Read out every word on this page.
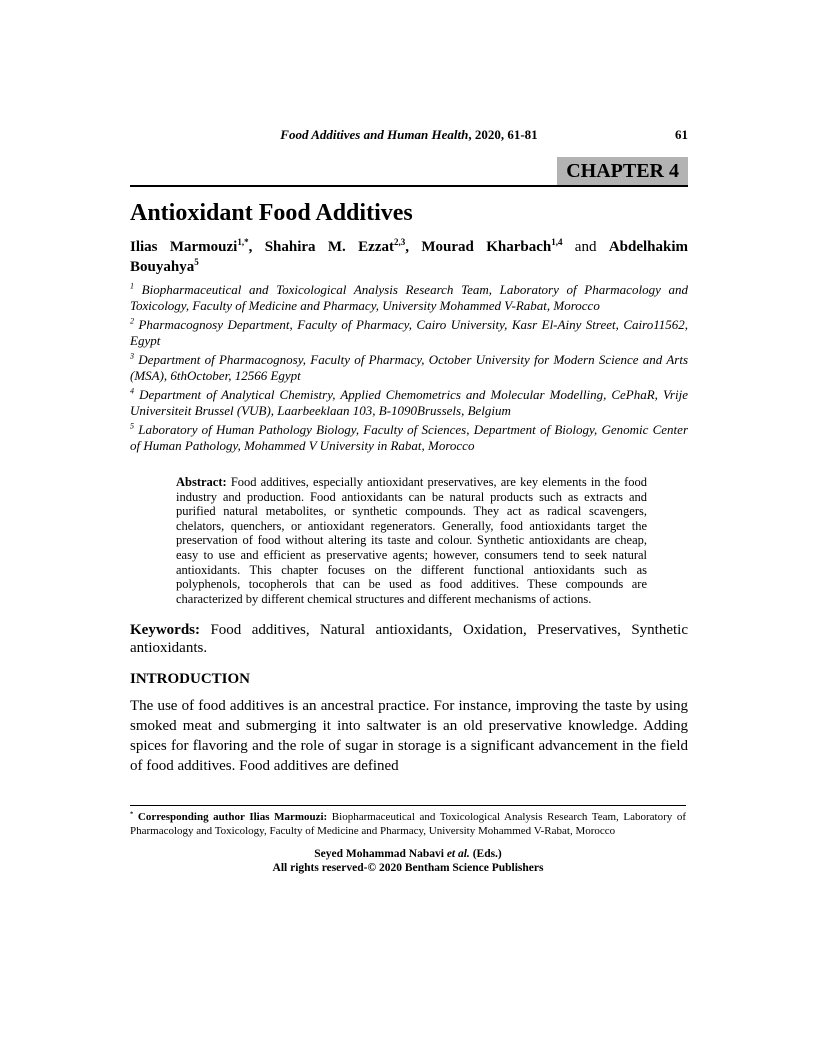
Food Additives and Human Health, 2020, 61-81	61
CHAPTER 4
Antioxidant Food Additives
Ilias Marmouzi$^{1,*}$, Shahira M. Ezzat$^{2,3}$, Mourad Kharbach$^{1,4}$ and Abdelhakim Bouyahya$^5$

$^1$ Biopharmaceutical and Toxicological Analysis Research Team, Laboratory of Pharmacology and Toxicology, Faculty of Medicine and Pharmacy, University Mohammed V-Rabat, Morocco

$^2$ Pharmacognosy Department, Faculty of Pharmacy, Cairo University, Kasr El-Ainy Street, Cairo11562, Egypt

$^3$ Department of Pharmacognosy, Faculty of Pharmacy, October University for Modern Science and Arts (MSA), 6thOctober, 12566 Egypt

$^4$ Department of Analytical Chemistry, Applied Chemometrics and Molecular Modelling, CePhaR, Vrije Universiteit Brussel (VUB), Laarbeeklaan 103, B-1090Brussels, Belgium

$^5$ Laboratory of Human Pathology Biology, Faculty of Sciences, Department of Biology, Genomic Center of Human Pathology, Mohammed V University in Rabat, Morocco

Abstract: Food additives, especially antioxidant preservatives, are key elements in the food industry and production. Food antioxidants can be natural products such as extracts and purified natural metabolites, or synthetic compounds. They act as radical scavengers, chelators, quenchers, or antioxidant regenerators. Generally, food antioxidants target the preservation of food without altering its taste and colour. Synthetic antioxidants are cheap, easy to use and efficient as preservative agents; however, consumers tend to seek natural antioxidants. This chapter focuses on the different functional antioxidants such as polyphenols, tocopherols that can be used as food additives. These compounds are characterized by different chemical structures and different mechanisms of actions.
Keywords: Food additives, Natural antioxidants, Oxidation, Preservatives, Synthetic antioxidants.
INTRODUCTION
The use of food additives is an ancestral practice. For instance, improving the taste by using smoked meat and submerging it into saltwater is an old preservative knowledge. Adding spices for flavoring and the role of sugar in storage is a significant advancement in the field of food additives. Food additives are defined
* Corresponding author Ilias Marmouzi: Biopharmaceutical and Toxicological Analysis Research Team, Laboratory of Pharmacology and Toxicology, Faculty of Medicine and Pharmacy, University Mohammed V-Rabat, Morocco
Seyed Mohammad Nabavi et al. (Eds.)
All rights reserved-© 2020 Bentham Science Publishers
